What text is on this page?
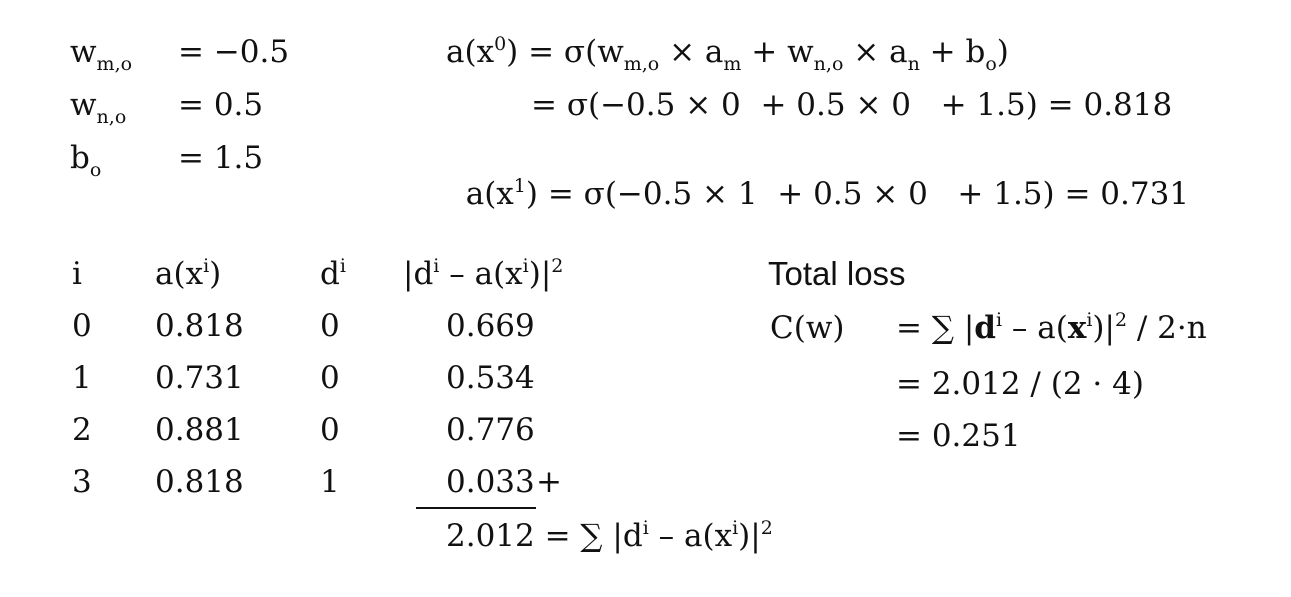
$w_{m,o} = -0.5$
$w_{n,o} = 0.5$
$b_o = 1.5$
$a(x^0) = \sigma(w_{m,o} \times a_m + w_{n,o} \times a_n + b_o)$
= σ(−0.5 × 0  + 0.5 × 0   + 1.5) = 0.818

$a(x^1) = \sigma(-0.5 \times 1 + 0.5 \times 0 + 1.5) = 0.731$

i $a(x^i)$	$d^i$ $|d^i - a(x^i)|^2$
0 0.818 0	0.669
1 0.731 0	0.534
2 0.881 0	0.776
3 0.818 1	0.033 +
2.012 = ∑ $|d^i - a(x^i)|^2$
Total loss
C(w) = ∑ $|d^i - a(x^i)|^2 / 2\cdot n$
= 2.012 / (2 · 4)
= 0.251
